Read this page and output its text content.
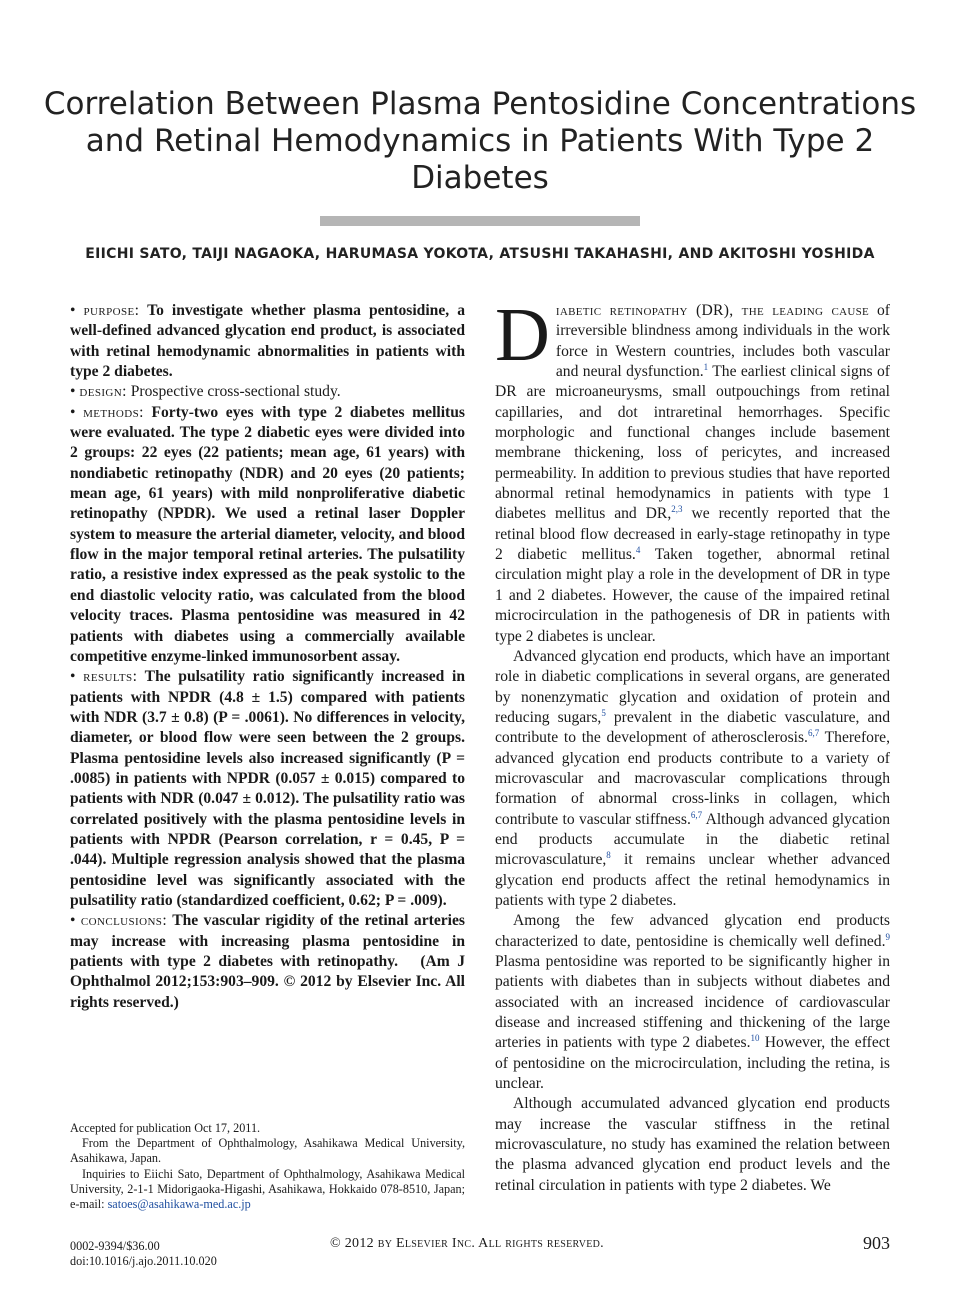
Correlation Between Plasma Pentosidine Concentrations and Retinal Hemodynamics in Patients With Type 2 Diabetes
EIICHI SATO, TAIJI NAGAOKA, HARUMASA YOKOTA, ATSUSHI TAKAHASHI, AND AKITOSHI YOSHIDA

• purpose: To investigate whether plasma pentosidine, a well-defined advanced glycation end product, is associated with retinal hemodynamic abnormalities in patients with type 2 diabetes.

• design: Prospective cross-sectional study.

• methods: Forty-two eyes with type 2 diabetes mellitus were evaluated. The type 2 diabetic eyes were divided into 2 groups: 22 eyes (22 patients; mean age, 61 years) with nondiabetic retinopathy (NDR) and 20 eyes (20 patients; mean age, 61 years) with mild nonproliferative diabetic retinopathy (NPDR). We used a retinal laser Doppler system to measure the arterial diameter, velocity, and blood flow in the major temporal retinal arteries. The pulsatility ratio, a resistive index expressed as the peak systolic to the end diastolic velocity ratio, was calculated from the blood velocity traces. Plasma pentosidine was measured in 42 patients with diabetes using a commercially available competitive enzyme-linked immunosorbent assay.

• results: The pulsatility ratio significantly increased in patients with NPDR (4.8 ± 1.5) compared with patients with NDR (3.7 ± 0.8) (P = .0061). No differences in velocity, diameter, or blood flow were seen between the 2 groups. Plasma pentosidine levels also increased significantly (P = .0085) in patients with NPDR (0.057 ± 0.015) compared to patients with NDR (0.047 ± 0.012). The pulsatility ratio was correlated positively with the plasma pentosidine levels in patients with NPDR (Pearson correlation, r = 0.45, P = .044). Multiple regression analysis showed that the plasma pentosidine level was significantly associated with the pulsatility ratio (standardized coefficient, 0.62; P = .009).

• conclusions: The vascular rigidity of the retinal arteries may increase with increasing plasma pentosidine in patients with type 2 diabetes with retinopathy. (Am J Ophthalmol 2012;153:903–909. © 2012 by Elsevier Inc. All rights reserved.)

Accepted for publication Oct 17, 2011.

From the Department of Ophthalmology, Asahikawa Medical University, Asahikawa, Japan.

Inquiries to Eiichi Sato, Department of Ophthalmology, Asahikawa Medical University, 2-1-1 Midorigaoka-Higashi, Asahikawa, Hokkaido 078-8510, Japan; e-mail: satoes@asahikawa-med.ac.jp

Diabetic retinopathy (DR), the leading cause of irreversible blindness among individuals in the work force in Western countries, includes both vascular and neural dysfunction.$^1$ The earliest clinical signs of DR are microaneurysms, small outpouchings from retinal capillaries, and dot intraretinal hemorrhages. Specific morphologic and functional changes include basement membrane thickening, loss of pericytes, and increased permeability. In addition to previous studies that have reported abnormal retinal hemodynamics in patients with type 1 diabetes mellitus and DR,$^{2,3}$ we recently reported that the retinal blood flow decreased in early-stage retinopathy in type 2 diabetic mellitus.$^4$ Taken together, abnormal retinal circulation might play a role in the development of DR in type 1 and 2 diabetes. However, the cause of the impaired retinal microcirculation in the pathogenesis of DR in patients with type 2 diabetes is unclear.

Advanced glycation end products, which have an important role in diabetic complications in several organs, are generated by nonenzymatic glycation and oxidation of protein and reducing sugars,$^5$ prevalent in the diabetic vasculature, and contribute to the development of atherosclerosis.$^{6,7}$ Therefore, advanced glycation end products contribute to a variety of microvascular and macrovascular complications through formation of abnormal cross-links in collagen, which contribute to vascular stiffness.$^{6,7}$ Although advanced glycation end products accumulate in the diabetic retinal microvasculature,$^8$ it remains unclear whether advanced glycation end products affect the retinal hemodynamics in patients with type 2 diabetes.

Among the few advanced glycation end products characterized to date, pentosidine is chemically well defined.$^9$ Plasma pentosidine was reported to be significantly higher in patients with diabetes than in subjects without diabetes and associated with an increased incidence of cardiovascular disease and increased stiffening and thickening of the large arteries in patients with type 2 diabetes.$^{10}$ However, the effect of pentosidine on the microcirculation, including the retina, is unclear.

Although accumulated advanced glycation end products may increase the vascular stiffness in the retinal microvasculature, no study has examined the relation between the plasma advanced glycation end product levels and the retinal circulation in patients with type 2 diabetes. We

0002-9394/$36.00
doi:10.1016/j.ajo.2011.10.020
© 2012 by Elsevier Inc. All rights reserved.	903
